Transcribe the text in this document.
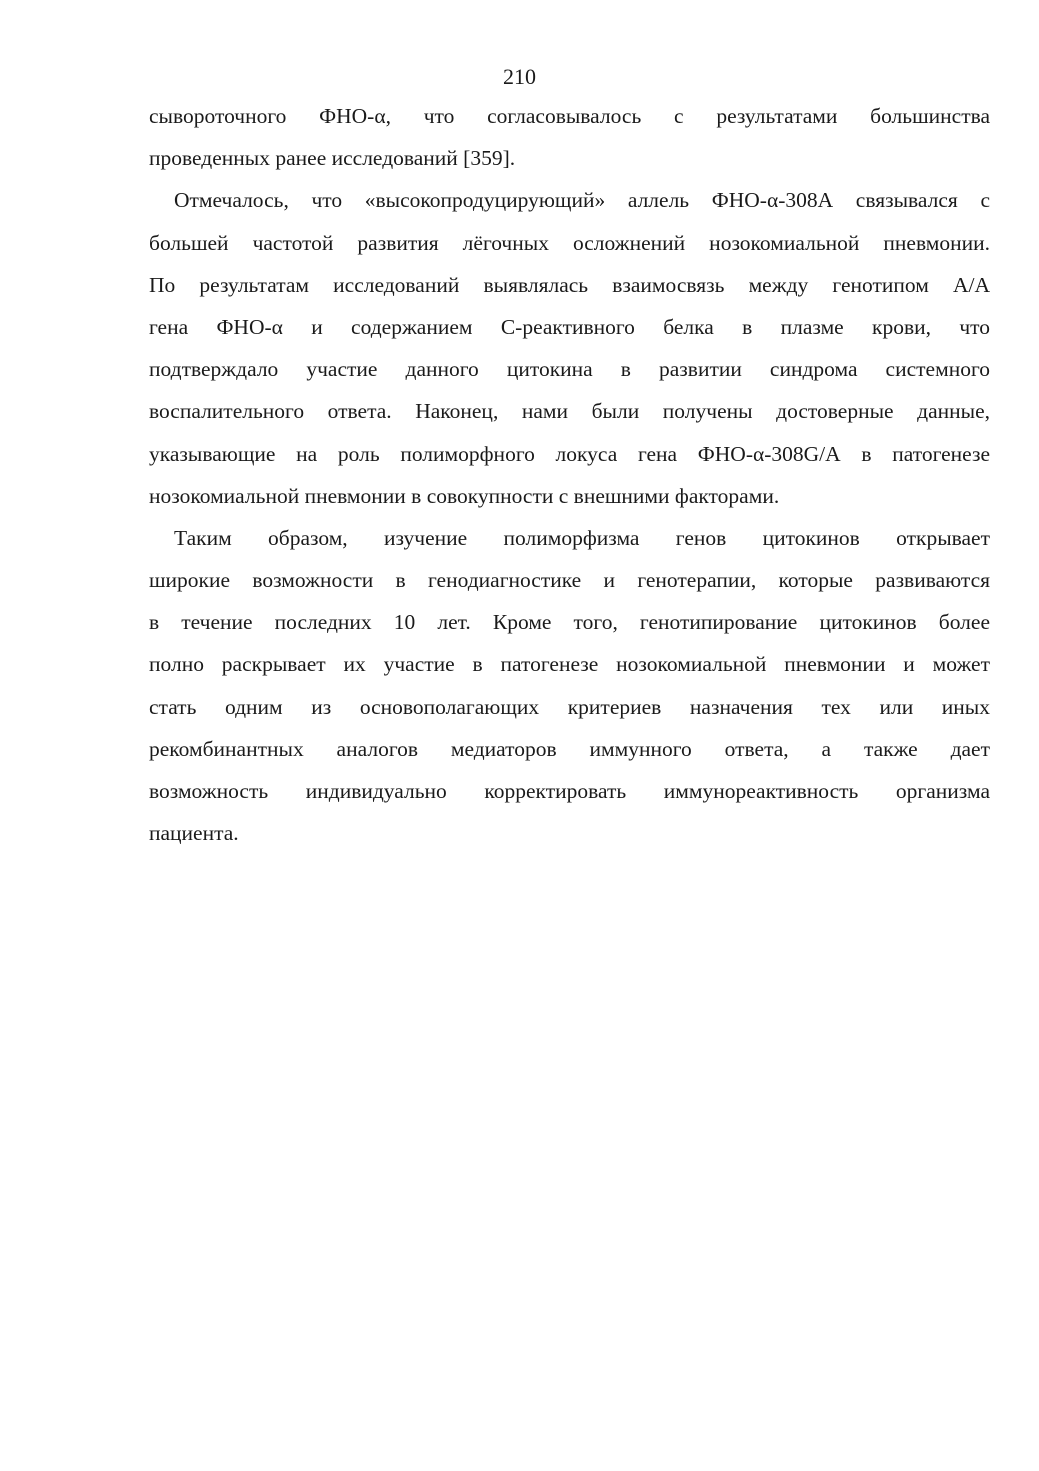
210
сывороточного ФНО-α, что согласовывалось с результатами большинства
проведенных ранее исследований [359].
Отмечалось, что «высокопродуцирующий» аллель ФНО-α-308А связывался с
большей частотой развития лёгочных осложнений нозокомиальной пневмонии.
По результатам исследований выявлялась взаимосвязь между генотипом А/А
гена ФНО-α и содержанием С-реактивного белка в плазме крови, что
подтверждало участие данного цитокина в развитии синдрома системного
воспалительного ответа. Наконец, нами были получены достоверные данные,
указывающие на роль полиморфного локуса гена ФНО-α-308G/А в патогенезе
нозокомиальной пневмонии в совокупности с внешними факторами.
Таким образом, изучение полиморфизма генов цитокинов открывает
широкие возможности в генодиагностике и генотерапии, которые развиваются
в течение последних 10 лет. Кроме того, генотипирование цитокинов более
полно раскрывает их участие в патогенезе нозокомиальной пневмонии и может
стать одним из основополагающих критериев назначения тех или иных
рекомбинантных аналогов медиаторов иммунного ответа, а также дает
возможность индивидуально корректировать иммунореактивность организма
пациента.
